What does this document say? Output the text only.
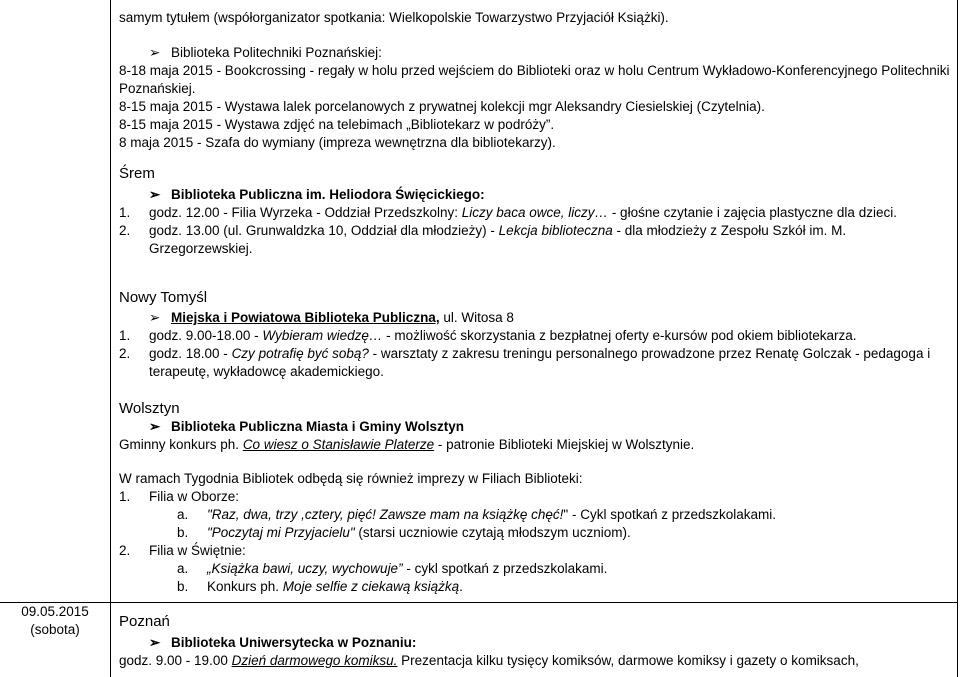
09.05.2015
(sobota)
samym tytułem (współorganizator spotkania: Wielkopolskie Towarzystwo Przyjaciół Książki).
➢ Biblioteka Politechniki Poznańskiej:
8-18 maja 2015 - Bookcrossing - regały w holu przed wejściem do Biblioteki oraz w holu Centrum Wykładowo-Konferencyjnego Politechniki Poznańskiej.
8-15 maja 2015 - Wystawa lalek porcelanowych z prywatnej kolekcji mgr Aleksandry Ciesielskiej (Czytelnia).
8-15 maja 2015 - Wystawa zdjęć na telebimach „Bibliotekarz w podróży”.
8 maja 2015 - Szafa do wymiany (impreza wewnętrzna dla bibliotekarzy).
Śrem
➢ Biblioteka Publiczna im. Heliodora Święcickiego:
1. godz. 12.00 - Filia Wyrzeka - Oddział Przedszkolny: Liczy baca owce, liczy… - głośne czytanie i zajęcia plastyczne dla dzieci.
2. godz. 13.00 (ul. Grunwaldzka 10, Oddział dla młodzieży) - Lekcja biblioteczna - dla młodzieży z Zespołu Szkół im. M. Grzegorzewskiej.
Nowy Tomyśl
➢ Miejska i Powiatowa Biblioteka Publiczna, ul. Witosa 8
1. godz. 9.00-18.00 - Wybieram wiedzę… - możliwość skorzystania z bezpłatnej oferty e-kursów pod okiem bibliotekarza.
2. godz. 18.00 - Czy potrafię być sobą? - warsztaty z zakresu treningu personalnego prowadzone przez Renatę Golczak - pedagoga i terapeutę, wykładowcę akademickiego.
Wolsztyn
➢ Biblioteka Publiczna Miasta i Gminy Wolsztyn
Gminny konkurs ph. Co wiesz o Stanisławie Platerze - patronie Biblioteki Miejskiej w Wolsztynie.
W ramach Tygodnia Bibliotek odbędą się również imprezy w Filiach Biblioteki:
1. Filia w Oborze:
a. "Raz, dwa, trzy ,cztery, pięć! Zawsze mam na książkę chęć!" - Cykl spotkań z przedszkolakami.
b. "Poczytaj mi Przyjacielu" (starsi uczniowie czytają młodszym uczniom).
2. Filia w Świętnie:
a. „Książka bawi, uczy, wychowuje” - cykl spotkań z przedszkolakami.
b. Konkurs ph. Moje selfie z ciekawą książką.
Poznań
➢ Biblioteka Uniwersytecka w Poznaniu:
godz. 9.00 - 19.00 Dzień darmowego komiksu. Prezentacja kilku tysięcy komiksów, darmowe komiksy i gazety o komiksach,
